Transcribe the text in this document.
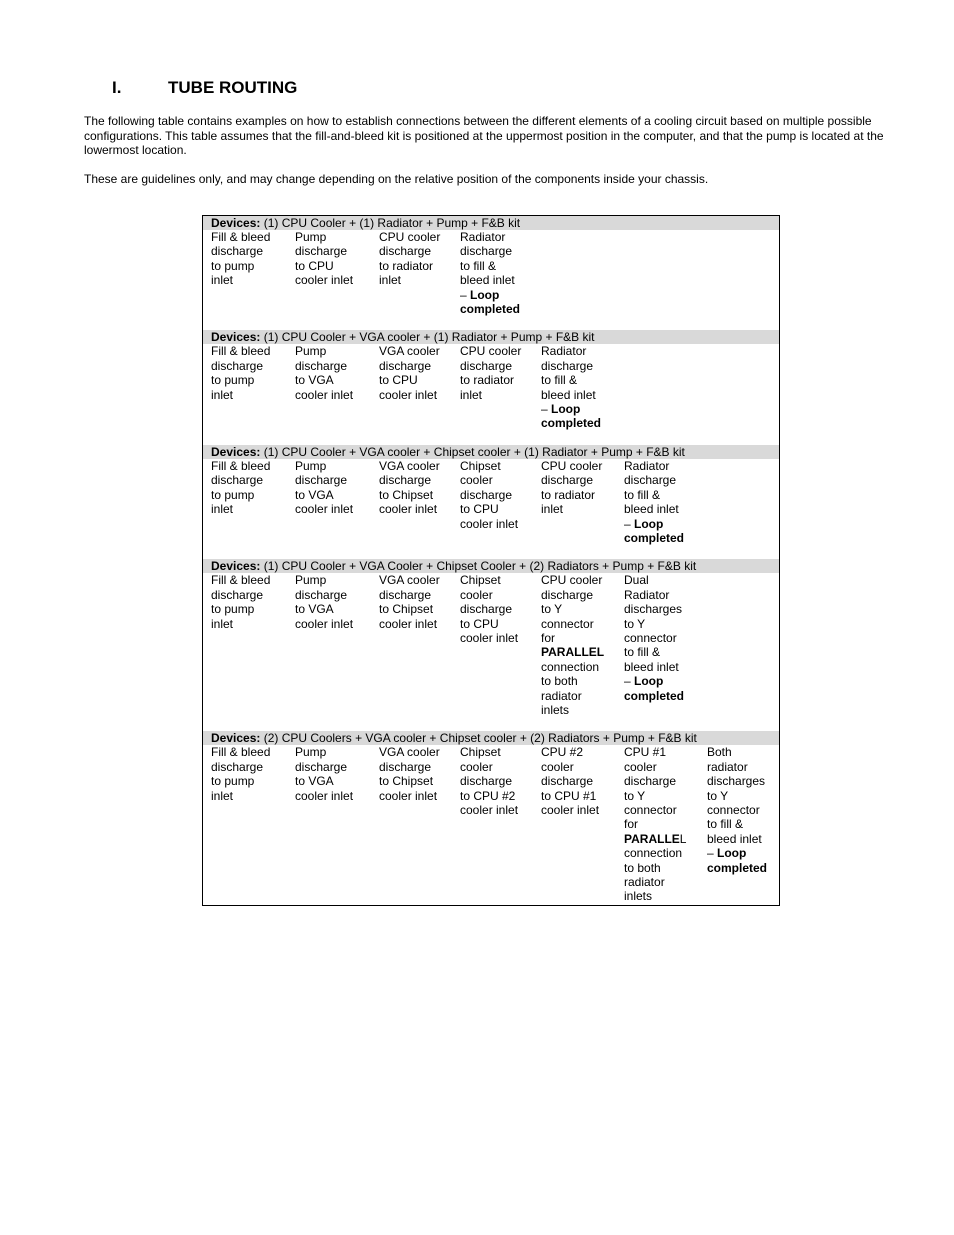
I.	TUBE ROUTING

The following table contains examples on how to establish connections between the different elements of a cooling circuit based on multiple possible configurations. This table assumes that the fill-and-bleed kit is positioned at the uppermost position in the computer, and that the pump is located at the lowermost location.

These are guidelines only, and may change depending on the relative position of the components inside your chassis.

Devices: (1) CPU Cooler + (1) Radiator + Pump + F&B kit
Fill & bleed
discharge
to pump
inlet
Pump
discharge
to CPU
cooler inlet
CPU cooler
discharge
to radiator
inlet
Radiator
discharge
to fill &
bleed inlet
– Loop
completed
Devices: (1) CPU Cooler + VGA cooler + (1) Radiator + Pump + F&B kit
Fill & bleed
discharge
to pump
inlet
Pump
discharge
to VGA
cooler inlet
VGA cooler
discharge
to CPU
cooler inlet
CPU cooler
discharge
to radiator
inlet
Radiator
discharge
to fill &
bleed inlet
– Loop
completed
Devices: (1) CPU Cooler + VGA cooler + Chipset cooler + (1) Radiator + Pump + F&B kit
Fill & bleed
discharge
to pump
inlet
Pump
discharge
to VGA
cooler inlet
VGA cooler
discharge
to Chipset
cooler inlet
Chipset
cooler
discharge
to CPU
cooler inlet
CPU cooler
discharge
to radiator
inlet
Radiator
discharge
to fill &
bleed inlet
– Loop
completed
Devices: (1) CPU Cooler + VGA Cooler + Chipset Cooler + (2) Radiators + Pump + F&B kit
Fill & bleed
discharge
to pump
inlet
Pump
discharge
to VGA
cooler inlet
VGA cooler
discharge
to Chipset
cooler inlet
Chipset
cooler
discharge
to CPU
cooler inlet
CPU cooler
discharge
to Y
connector
for
PARALLEL
connection
to both
radiator
inlets
Dual
Radiator
discharges
to Y
connector
to fill &
bleed inlet
– Loop
completed
Devices: (2) CPU Coolers + VGA cooler + Chipset cooler + (2) Radiators + Pump + F&B kit
Fill & bleed
discharge
to pump
inlet
Pump
discharge
to VGA
cooler inlet
VGA cooler
discharge
to Chipset
cooler inlet
Chipset
cooler
discharge
to CPU #2
cooler inlet
CPU #2
cooler
discharge
to CPU #1
cooler inlet
CPU #1
cooler
discharge
to Y
connector
for
PARALLEL
connection
to both
radiator
inlets
Both
radiator
discharges
to Y
connector
to fill &
bleed inlet
– Loop
completed
